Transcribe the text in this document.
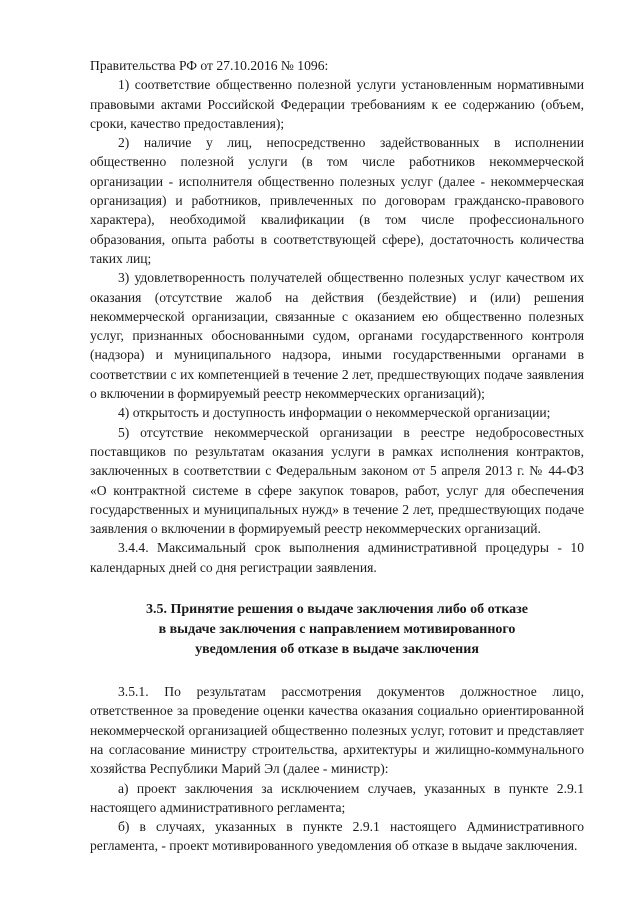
Правительства РФ от 27.10.2016 № 1096:

1) соответствие общественно полезной услуги установленным нормативными правовыми актами Российской Федерации требованиям к ее содержанию (объем, сроки, качество предоставления);

2) наличие у лиц, непосредственно задействованных в исполнении общественно полезной услуги (в том числе работников некоммерческой организации - исполнителя общественно полезных услуг (далее - некоммерческая организация) и работников, привлеченных по договорам гражданско-правового характера), необходимой квалификации (в том числе профессионального образования, опыта работы в соответствующей сфере), достаточность количества таких лиц;

3) удовлетворенность получателей общественно полезных услуг качеством их оказания (отсутствие жалоб на действия (бездействие) и (или) решения некоммерческой организации, связанные с оказанием ею общественно полезных услуг, признанных обоснованными судом, органами государственного контроля (надзора) и муниципального надзора, иными государственными органами в соответствии с их компетенцией в течение 2 лет, предшествующих подаче заявления о включении в формируемый реестр некоммерческих организаций);

4) открытость и доступность информации о некоммерческой организации;

5) отсутствие некоммерческой организации в реестре недобросовестных поставщиков по результатам оказания услуги в рамках исполнения контрактов, заключенных в соответствии с Федеральным законом от 5 апреля 2013 г. № 44-ФЗ «О контрактной системе в сфере закупок товаров, работ, услуг для обеспечения государственных и муниципальных нужд» в течение 2 лет, предшествующих подаче заявления о включении в формируемый реестр некоммерческих организаций.

3.4.4. Максимальный срок выполнения административной процедуры - 10 календарных дней со дня регистрации заявления.

3.5. Принятие решения о выдаче заключения либо об отказе
в выдаче заключения с направлением мотивированного
уведомления об отказе в выдаче заключения

3.5.1. По результатам рассмотрения документов должностное лицо, ответственное за проведение оценки качества оказания социально ориентированной некоммерческой организацией общественно полезных услуг, готовит и представляет на согласование министру строительства, архитектуры и жилищно-коммунального хозяйства Республики Марий Эл (далее - министр):

а) проект заключения за исключением случаев, указанных в пункте 2.9.1 настоящего административного регламента;

б) в случаях, указанных в пункте 2.9.1 настоящего Административного регламента, - проект мотивированного уведомления об отказе в выдаче заключения.
